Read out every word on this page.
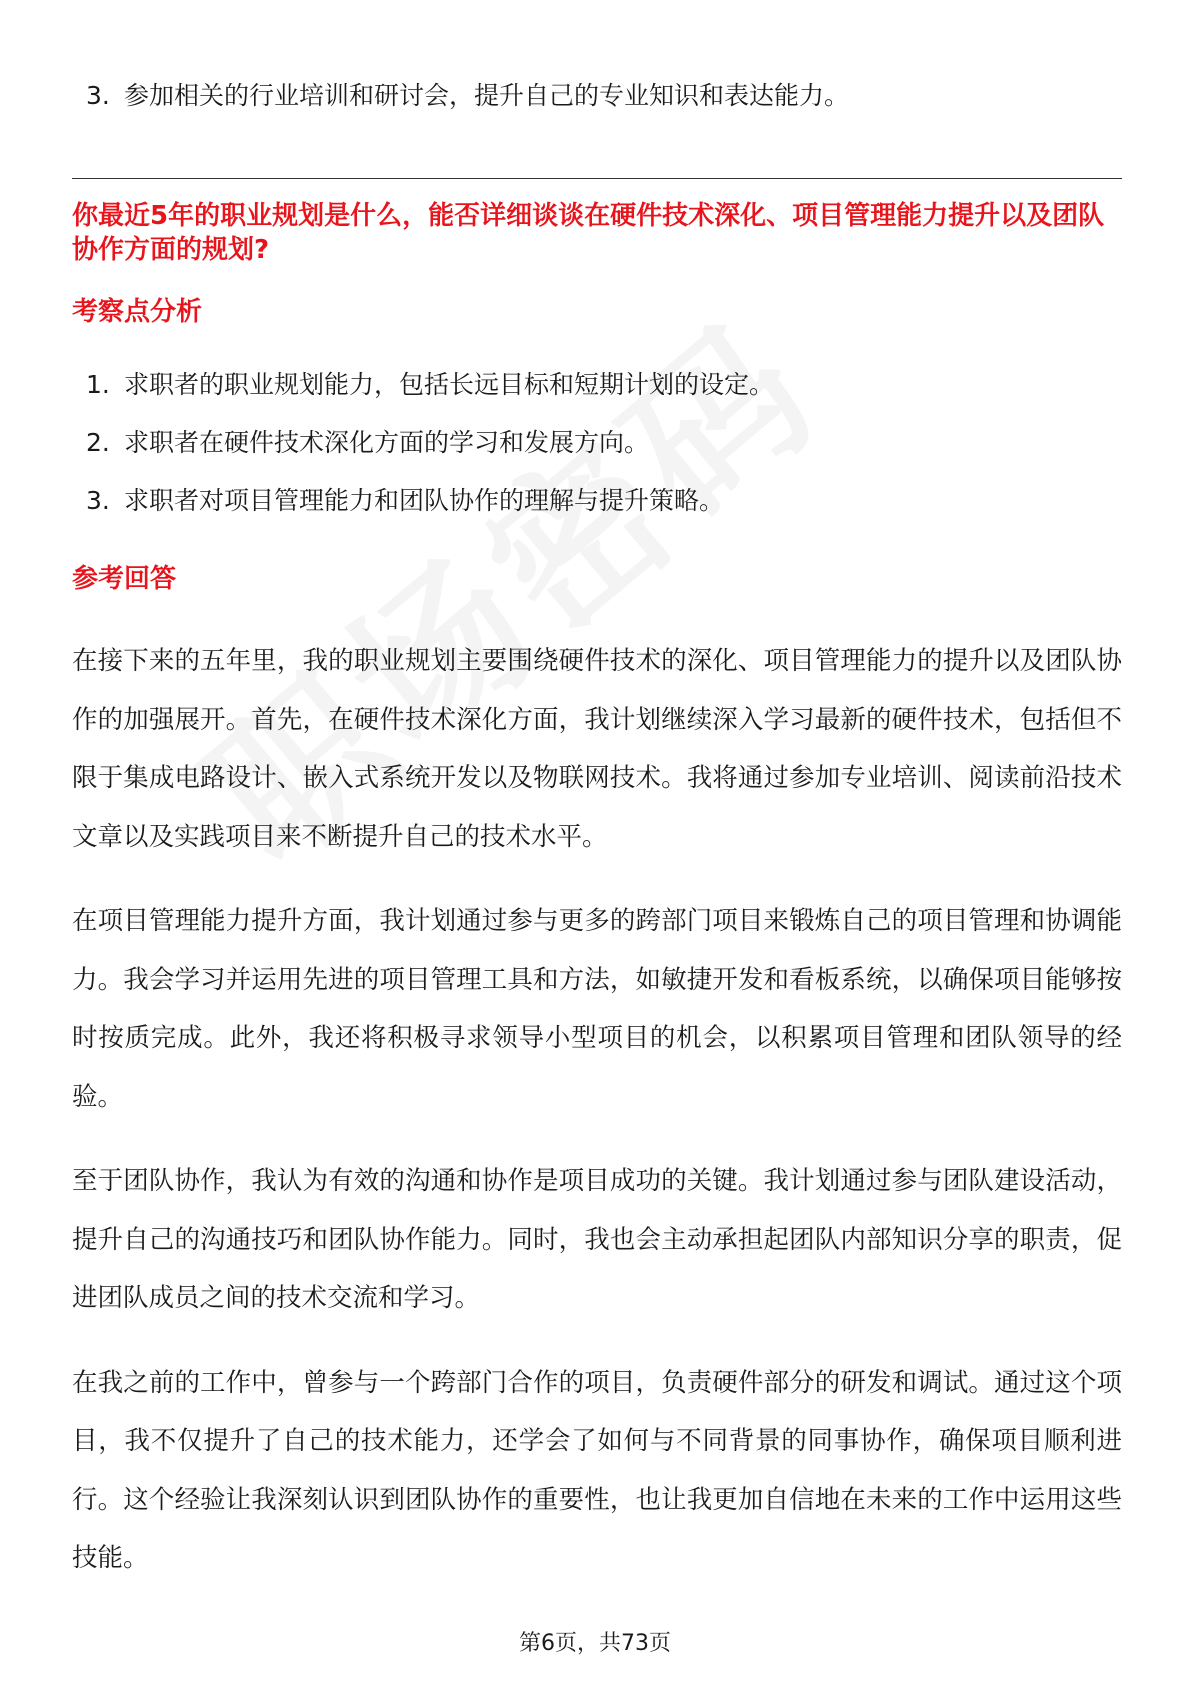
3. 参加相关的行业培训和研讨会，提升自己的专业知识和表达能力。
你最近5年的职业规划是什么，能否详细谈谈在硬件技术深化、项目管理能力提升以及团队协作方面的规划?
考察点分析
1. 求职者的职业规划能力，包括长远目标和短期计划的设定。
2. 求职者在硬件技术深化方面的学习和发展方向。
3. 求职者对项目管理能力和团队协作的理解与提升策略。
参考回答

在接下来的五年里，我的职业规划主要围绕硬件技术的深化、项目管理能力的提升以及团队协作的加强展开。首先，在硬件技术深化方面，我计划继续深入学习最新的硬件技术，包括但不限于集成电路设计、嵌入式系统开发以及物联网技术。我将通过参加专业培训、阅读前沿技术文章以及实践项目来不断提升自己的技术水平。

在项目管理能力提升方面，我计划通过参与更多的跨部门项目来锻炼自己的项目管理和协调能力。我会学习并运用先进的项目管理工具和方法，如敏捷开发和看板系统，以确保项目能够按时按质完成。此外，我还将积极寻求领导小型项目的机会，以积累项目管理和团队领导的经验。

至于团队协作，我认为有效的沟通和协作是项目成功的关键。我计划通过参与团队建设活动，提升自己的沟通技巧和团队协作能力。同时，我也会主动承担起团队内部知识分享的职责，促进团队成员之间的技术交流和学习。

在我之前的工作中，曾参与一个跨部门合作的项目，负责硬件部分的研发和调试。通过这个项目，我不仅提升了自己的技术能力，还学会了如何与不同背景的同事协作，确保项目顺利进行。这个经验让我深刻认识到团队协作的重要性，也让我更加自信地在未来的工作中运用这些技能。

第6页，共73页
